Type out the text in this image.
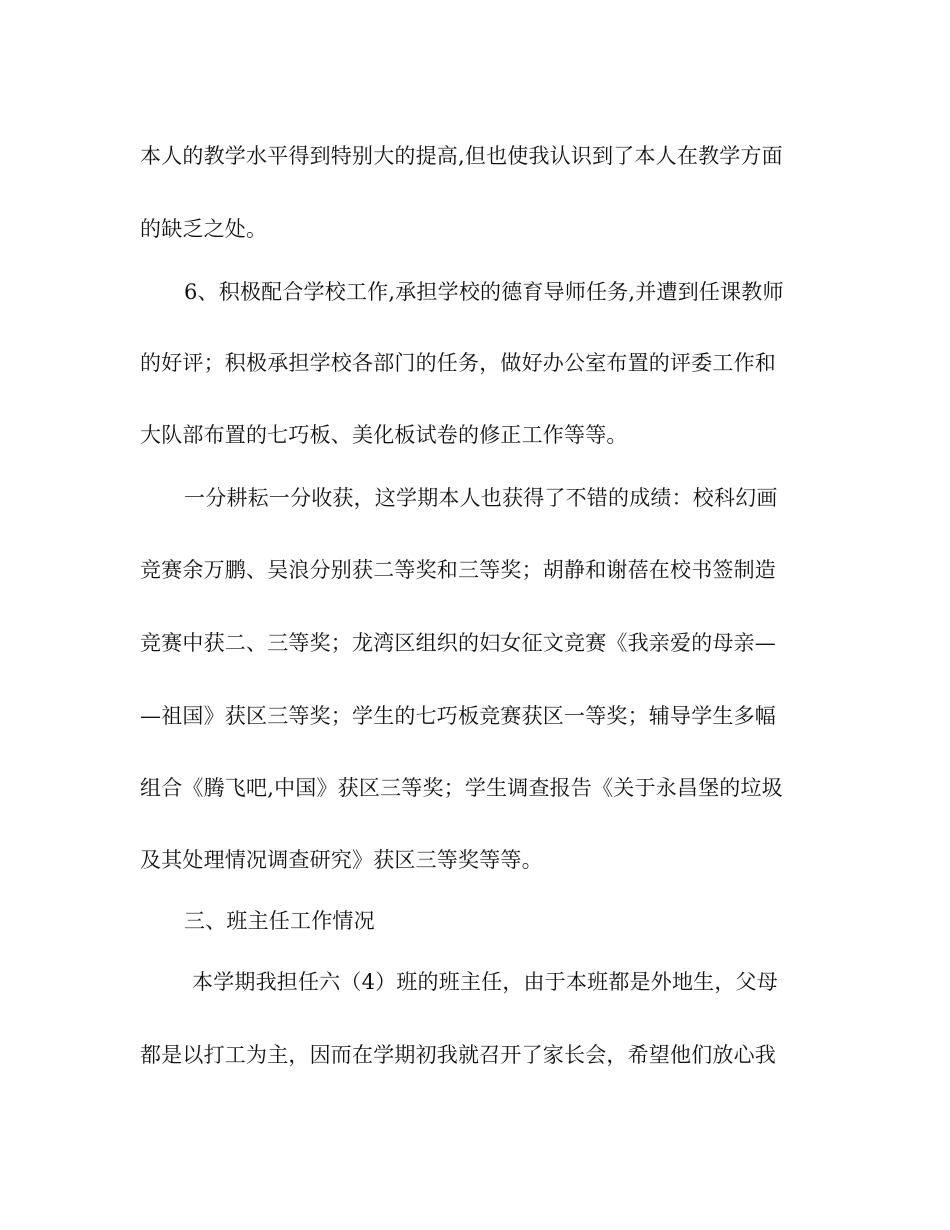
本人的教学水平得到特别大的提高,但也使我认识到了本人在教学方面
的缺乏之处。
6、积极配合学校工作,承担学校的德育导师任务,并遭到任课教师
的好评；积极承担学校各部门的任务，做好办公室布置的评委工作和
大队部布置的七巧板、美化板试卷的修正工作等等。
一分耕耘一分收获，这学期本人也获得了不错的成绩：校科幻画
竞赛余万鹏、吴浪分别获二等奖和三等奖；胡静和谢蓓在校书签制造
竞赛中获二、三等奖；龙湾区组织的妇女征文竞赛《我亲爱的母亲—
—祖国》获区三等奖；学生的七巧板竞赛获区一等奖；辅导学生多幅
组合《腾飞吧,中国》获区三等奖；学生调查报告《关于永昌堡的垃圾
及其处理情况调查研究》获区三等奖等等。
三、班主任工作情况
本学期我担任六（4）班的班主任，由于本班都是外地生，父母
都是以打工为主，因而在学期初我就召开了家长会，希望他们放心我
